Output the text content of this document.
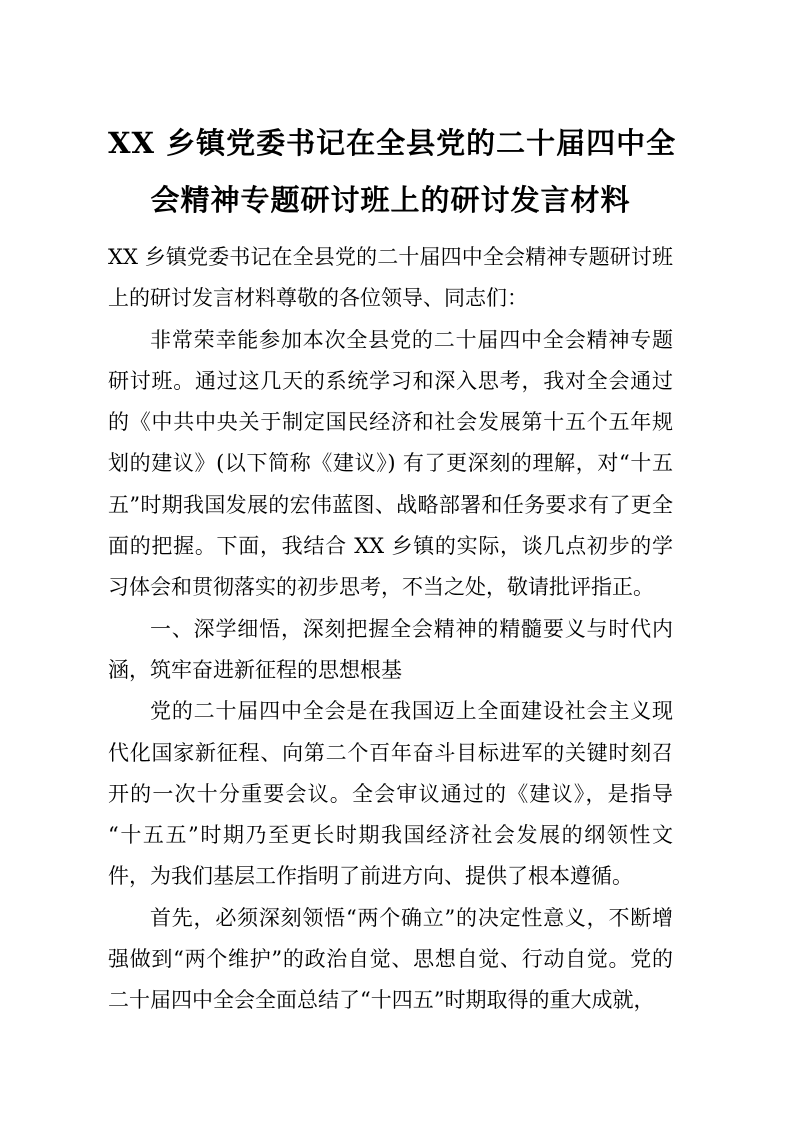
XX 乡镇党委书记在全县党的二十届四中全
会精神专题研讨班上的研讨发言材料

XX 乡镇党委书记在全县党的二十届四中全会精神专题研讨班上的研讨发言材料尊敬的各位领导、同志们：

非常荣幸能参加本次全县党的二十届四中全会精神专题研讨班。通过这几天的系统学习和深入思考，我对全会通过的《中共中央关于制定国民经济和社会发展第十五个五年规划的建议》(以下简称《建议》) 有了更深刻的理解，对“十五五”时期我国发展的宏伟蓝图、战略部署和任务要求有了更全面的把握。下面，我结合 XX 乡镇的实际，谈几点初步的学习体会和贯彻落实的初步思考，不当之处，敬请批评指正。

一、深学细悟，深刻把握全会精神的精髓要义与时代内涵，筑牢奋进新征程的思想根基

党的二十届四中全会是在我国迈上全面建设社会主义现代化国家新征程、向第二个百年奋斗目标进军的关键时刻召开的一次十分重要会议。全会审议通过的《建议》，是指导“十五五”时期乃至更长时期我国经济社会发展的纲领性文件，为我们基层工作指明了前进方向、提供了根本遵循。

首先，必须深刻领悟“两个确立”的决定性意义，不断增强做到“两个维护”的政治自觉、思想自觉、行动自觉。党的二十届四中全会全面总结了“十四五”时期取得的重大成就，
